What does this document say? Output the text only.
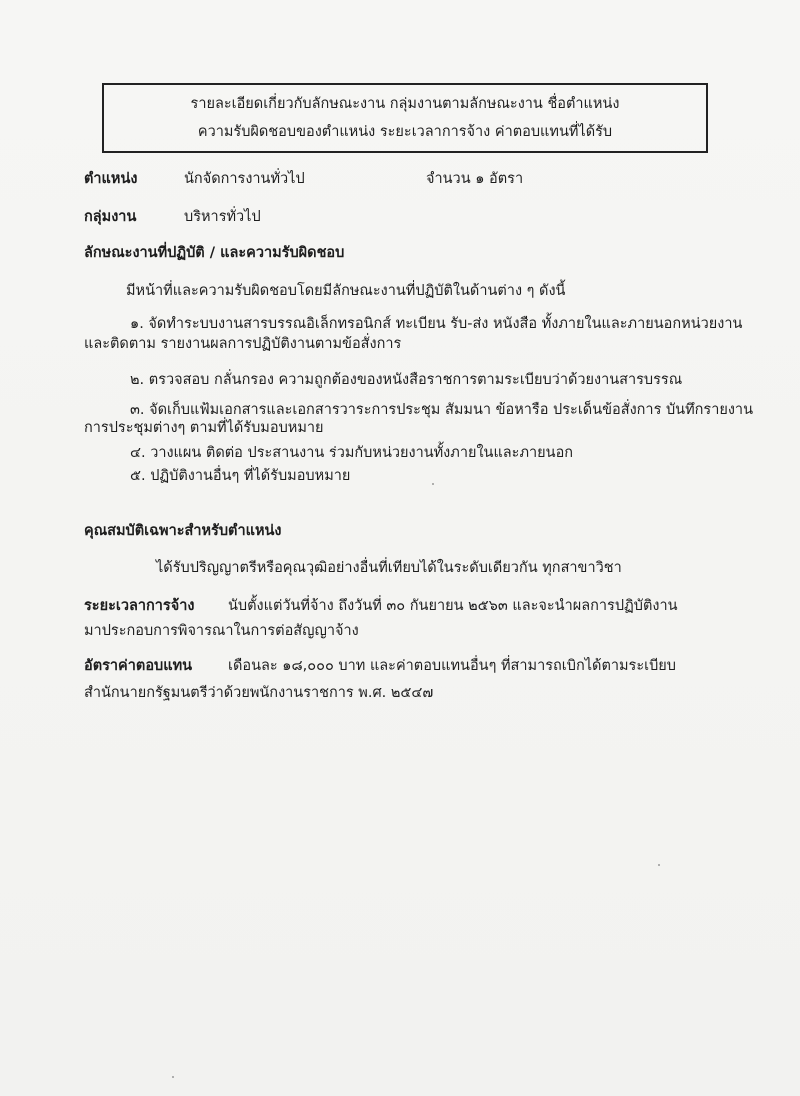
รายละเอียดเกี่ยวกับลักษณะงาน กลุ่มงานตามลักษณะงาน ชื่อตำแหน่ง
ความรับผิดชอบของตำแหน่ง ระยะเวลาการจ้าง ค่าตอบแทนที่ได้รับ
ตำแหน่ง	นักจัดการงานทั่วไป	จำนวน ๑ อัตรา
กลุ่มงาน	บริหารทั่วไป
ลักษณะงานที่ปฏิบัติ / และความรับผิดชอบ
มีหน้าที่และความรับผิดชอบโดยมีลักษณะงานที่ปฏิบัติในด้านต่าง ๆ ดังนี้
๑. จัดทำระบบงานสารบรรณอิเล็กทรอนิกส์ ทะเบียน รับ-ส่ง หนังสือ ทั้งภายในและภายนอกหน่วยงาน
และติดตาม รายงานผลการปฏิบัติงานตามข้อสั่งการ
๒. ตรวจสอบ กลั่นกรอง ความถูกต้องของหนังสือราชการตามระเบียบว่าด้วยงานสารบรรณ
๓. จัดเก็บแฟ้มเอกสารและเอกสารวาระการประชุม สัมมนา ข้อหารือ ประเด็นข้อสั่งการ บันทึกรายงาน
การประชุมต่างๆ ตามที่ได้รับมอบหมาย
๔. วางแผน ติดต่อ ประสานงาน ร่วมกับหน่วยงานทั้งภายในและภายนอก
๕. ปฏิบัติงานอื่นๆ ที่ได้รับมอบหมาย
คุณสมบัติเฉพาะสำหรับตำแหน่ง
ได้รับปริญญาตรีหรือคุณวุฒิอย่างอื่นที่เทียบได้ในระดับเดียวกัน ทุกสาขาวิชา
ระยะเวลาการจ้าง นับตั้งแต่วันที่จ้าง ถึงวันที่ ๓๐ กันยายน ๒๕๖๓ และจะนำผลการปฏิบัติงาน
มาประกอบการพิจารณาในการต่อสัญญาจ้าง
อัตราค่าตอบแทน เดือนละ ๑๘,๐๐๐ บาท และค่าตอบแทนอื่นๆ ที่สามารถเบิกได้ตามระเบียบ
สำนักนายกรัฐมนตรีว่าด้วยพนักงานราชการ พ.ศ. ๒๕๔๗
